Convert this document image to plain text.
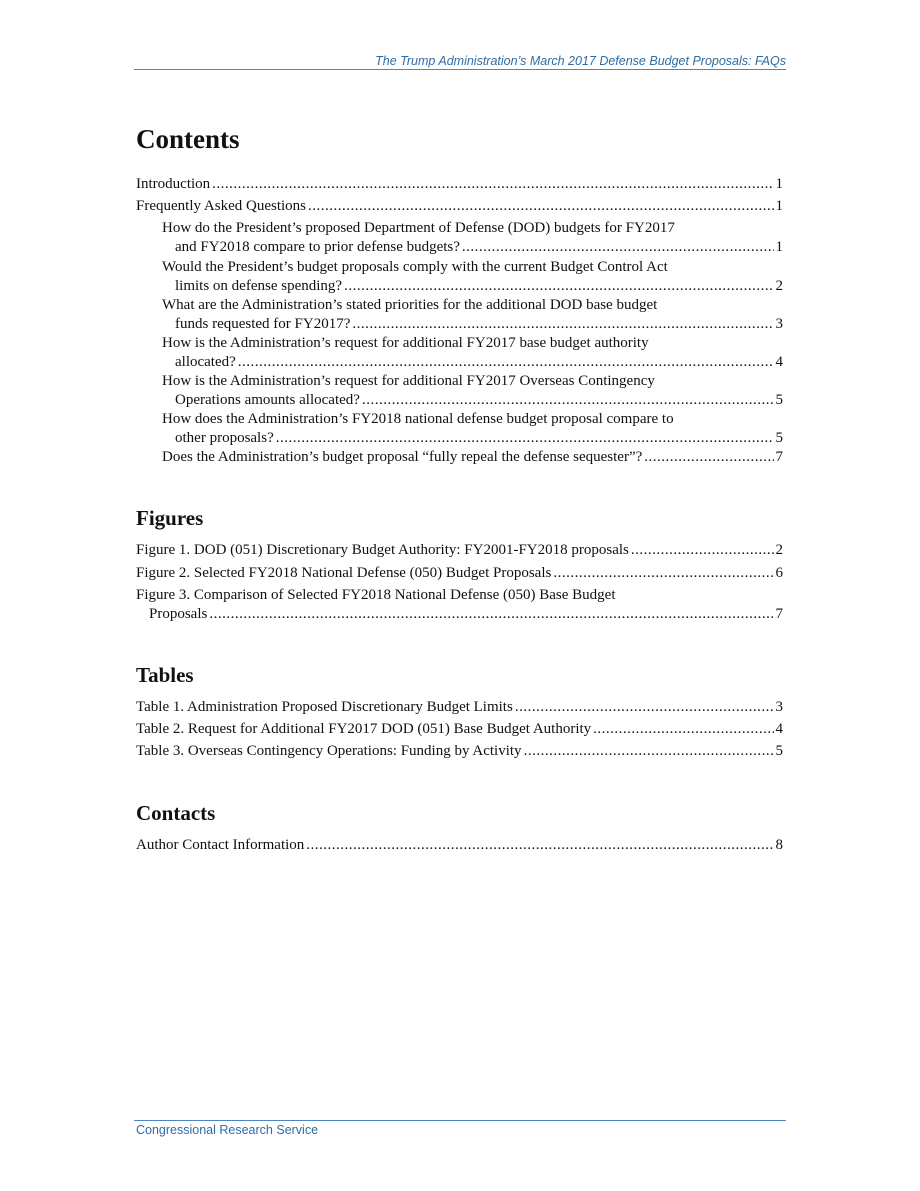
The Trump Administration’s March 2017 Defense Budget Proposals: FAQs
Contents
Introduction .....	1
Frequently Asked Questions .....	1
How do the President’s proposed Department of Defense (DOD) budgets for FY2017
and FY2018 compare to prior defense budgets? .....	1
Would the President’s budget proposals comply with the current Budget Control Act
limits on defense spending? .....	2
What are the Administration’s stated priorities for the additional DOD base budget
funds requested for FY2017? .....	3
How is the Administration’s request for additional FY2017 base budget authority
allocated? .....	4
How is the Administration’s request for additional FY2017 Overseas Contingency
Operations amounts allocated? .....	5
How does the Administration’s FY2018 national defense budget proposal compare to
other proposals? .....	5
Does the Administration’s budget proposal “fully repeal the defense sequester”? .....	7
Figures
Figure 1. DOD (051) Discretionary Budget Authority: FY2001-FY2018 proposals .....	2
Figure 2. Selected FY2018 National Defense (050) Budget Proposals .....	6
Figure 3. Comparison of Selected FY2018 National Defense (050) Base Budget
Proposals .....	7
Tables
Table 1. Administration Proposed Discretionary Budget Limits .....	3
Table 2. Request for Additional FY2017 DOD (051) Base Budget Authority .....	4
Table 3. Overseas Contingency Operations: Funding by Activity .....	5
Contacts
Author Contact Information .....	8
Congressional Research Service
